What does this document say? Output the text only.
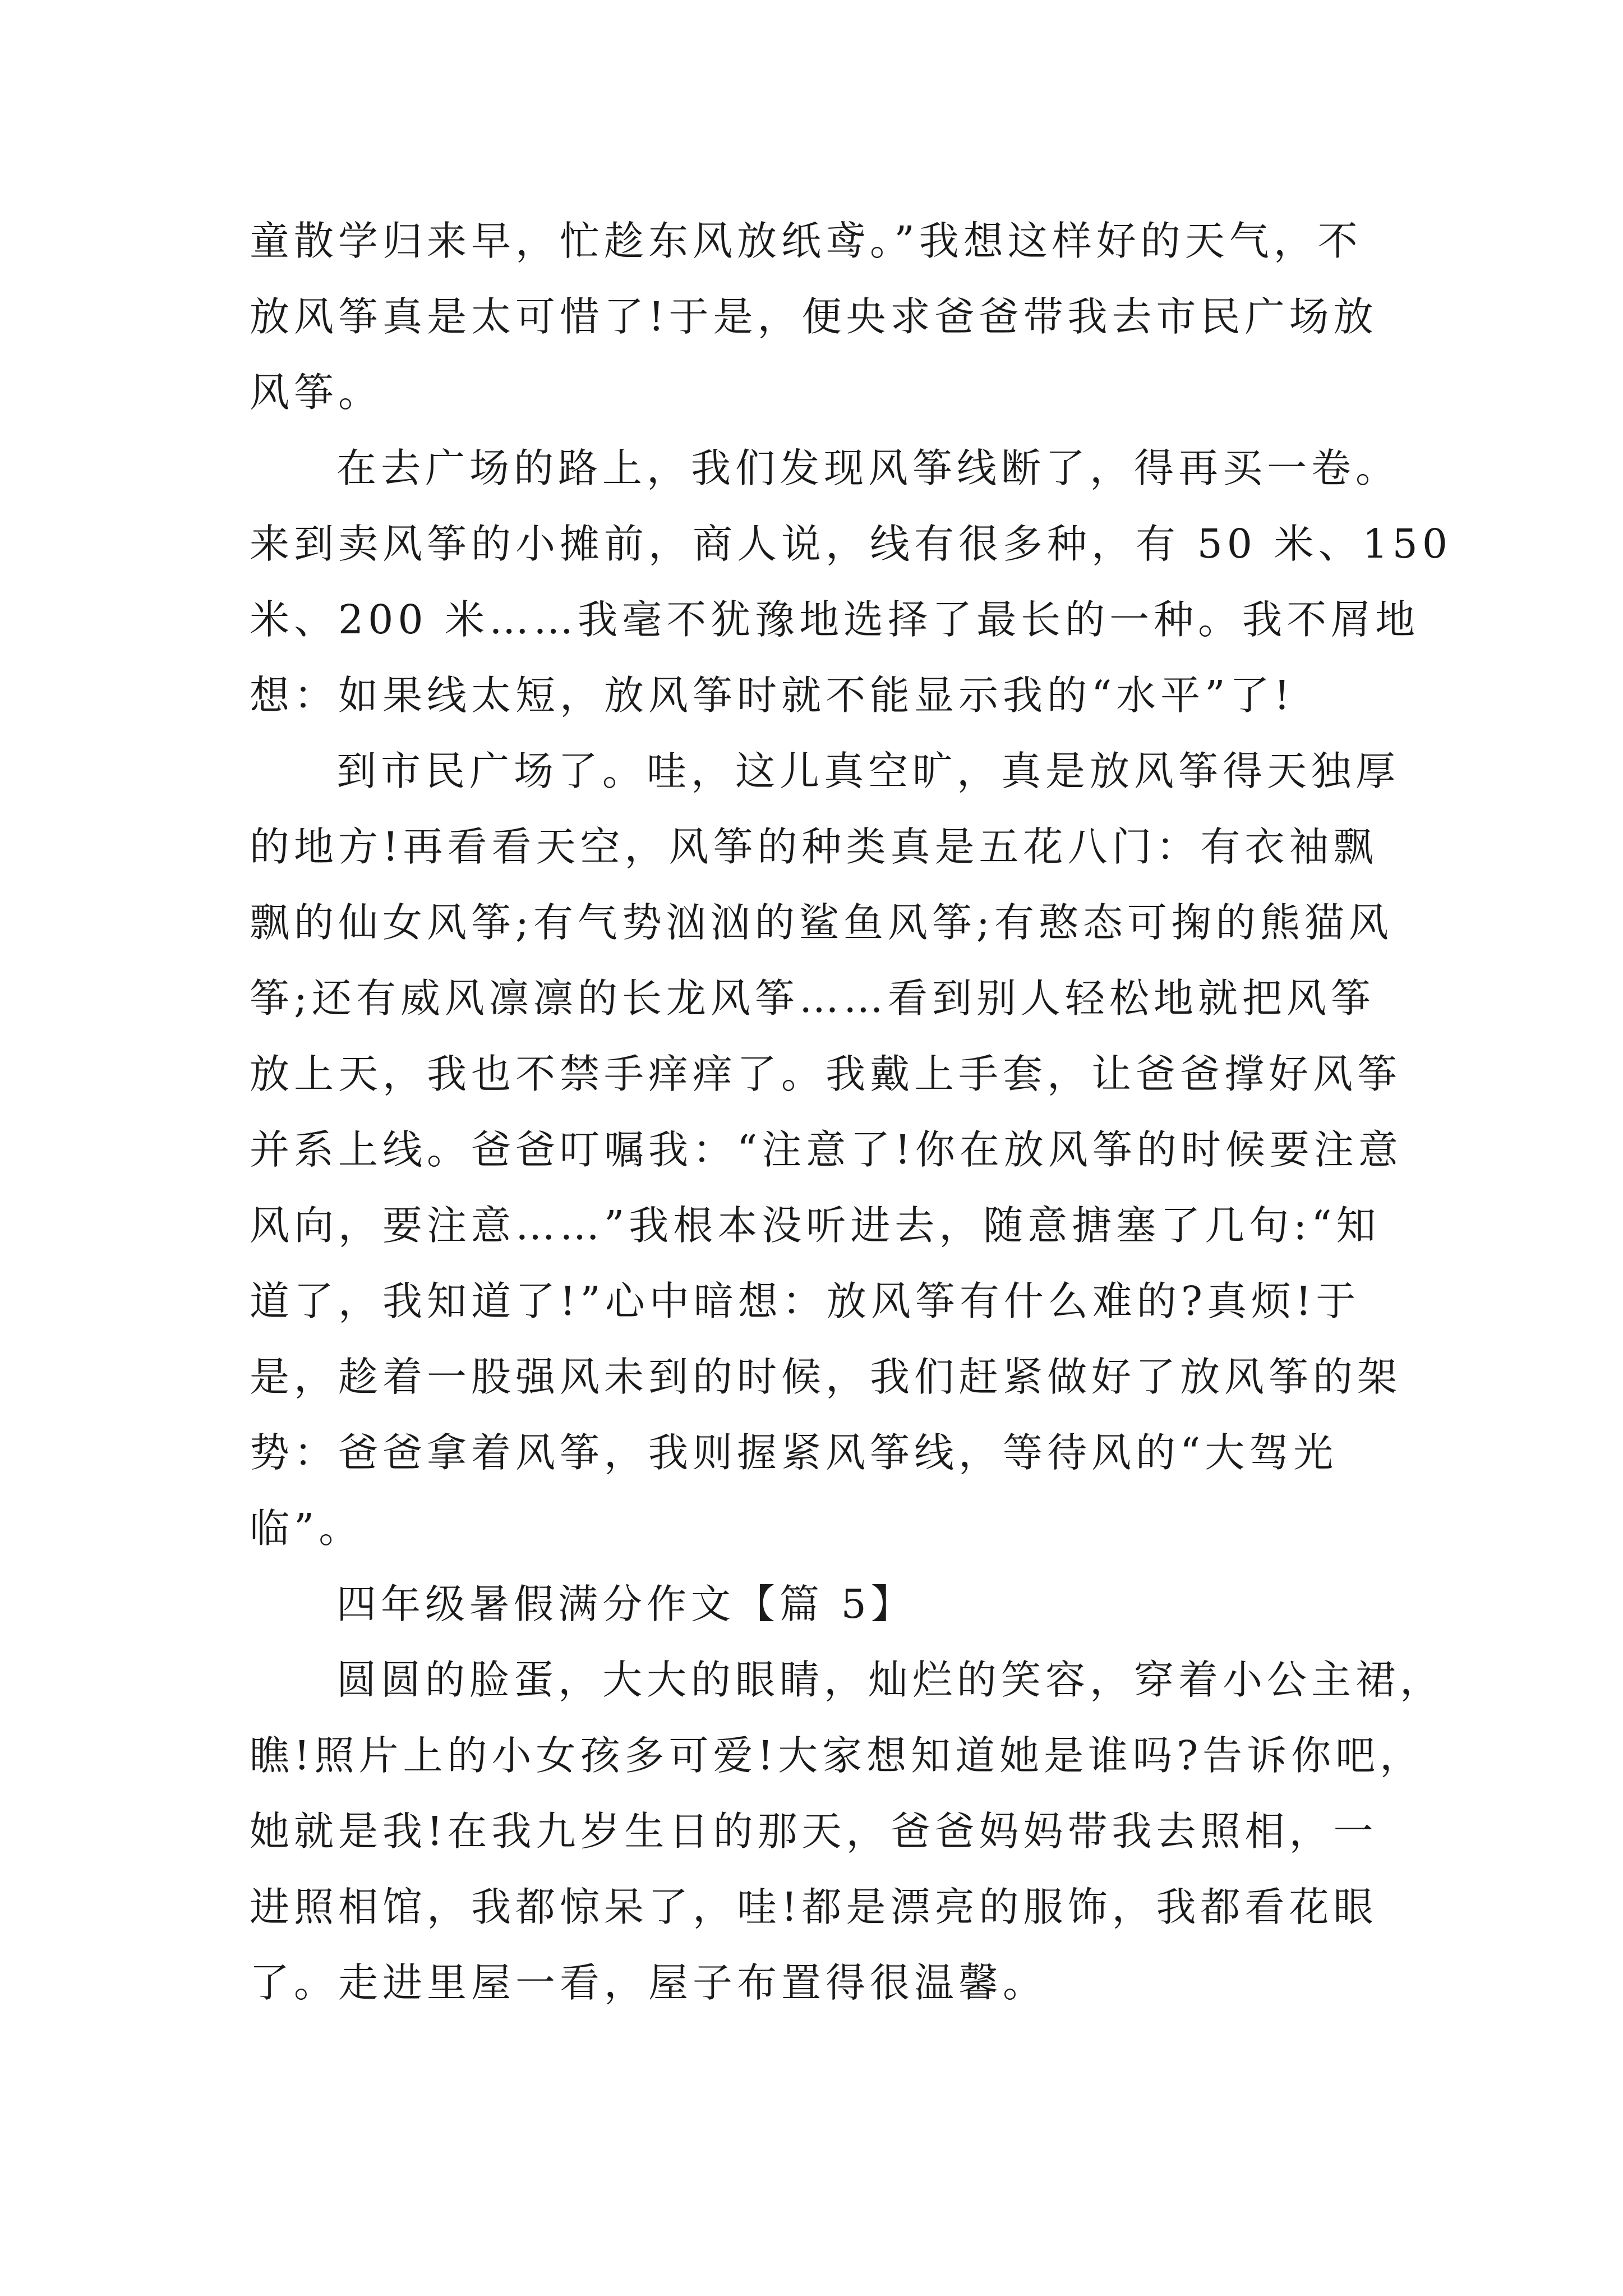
童散学归来早，忙趁东风放纸鸢。”我想这样好的天气，不
放风筝真是太可惜了!于是，便央求爸爸带我去市民广场放
风筝。
在去广场的路上，我们发现风筝线断了，得再买一卷。
来到卖风筝的小摊前，商人说，线有很多种，有 50 米、150
米、200 米……我毫不犹豫地选择了最长的一种。我不屑地
想：如果线太短，放风筝时就不能显示我的“水平”了!
到市民广场了。哇，这儿真空旷，真是放风筝得天独厚
的地方!再看看天空，风筝的种类真是五花八门：有衣袖飘
飘的仙女风筝;有气势汹汹的鲨鱼风筝;有憨态可掬的熊猫风
筝;还有威风凛凛的长龙风筝……看到别人轻松地就把风筝
放上天，我也不禁手痒痒了。我戴上手套，让爸爸撑好风筝
并系上线。爸爸叮嘱我：“注意了!你在放风筝的时候要注意
风向，要注意……”我根本没听进去，随意搪塞了几句:“知
道了，我知道了!”心中暗想：放风筝有什么难的?真烦!于
是，趁着一股强风未到的时候，我们赶紧做好了放风筝的架
势：爸爸拿着风筝，我则握紧风筝线，等待风的“大驾光
临”。
四年级暑假满分作文【篇 5】
圆圆的脸蛋，大大的眼睛，灿烂的笑容，穿着小公主裙，
瞧!照片上的小女孩多可爱!大家想知道她是谁吗?告诉你吧，
她就是我!在我九岁生日的那天，爸爸妈妈带我去照相，一
进照相馆，我都惊呆了，哇!都是漂亮的服饰，我都看花眼
了。走进里屋一看，屋子布置得很温馨。
